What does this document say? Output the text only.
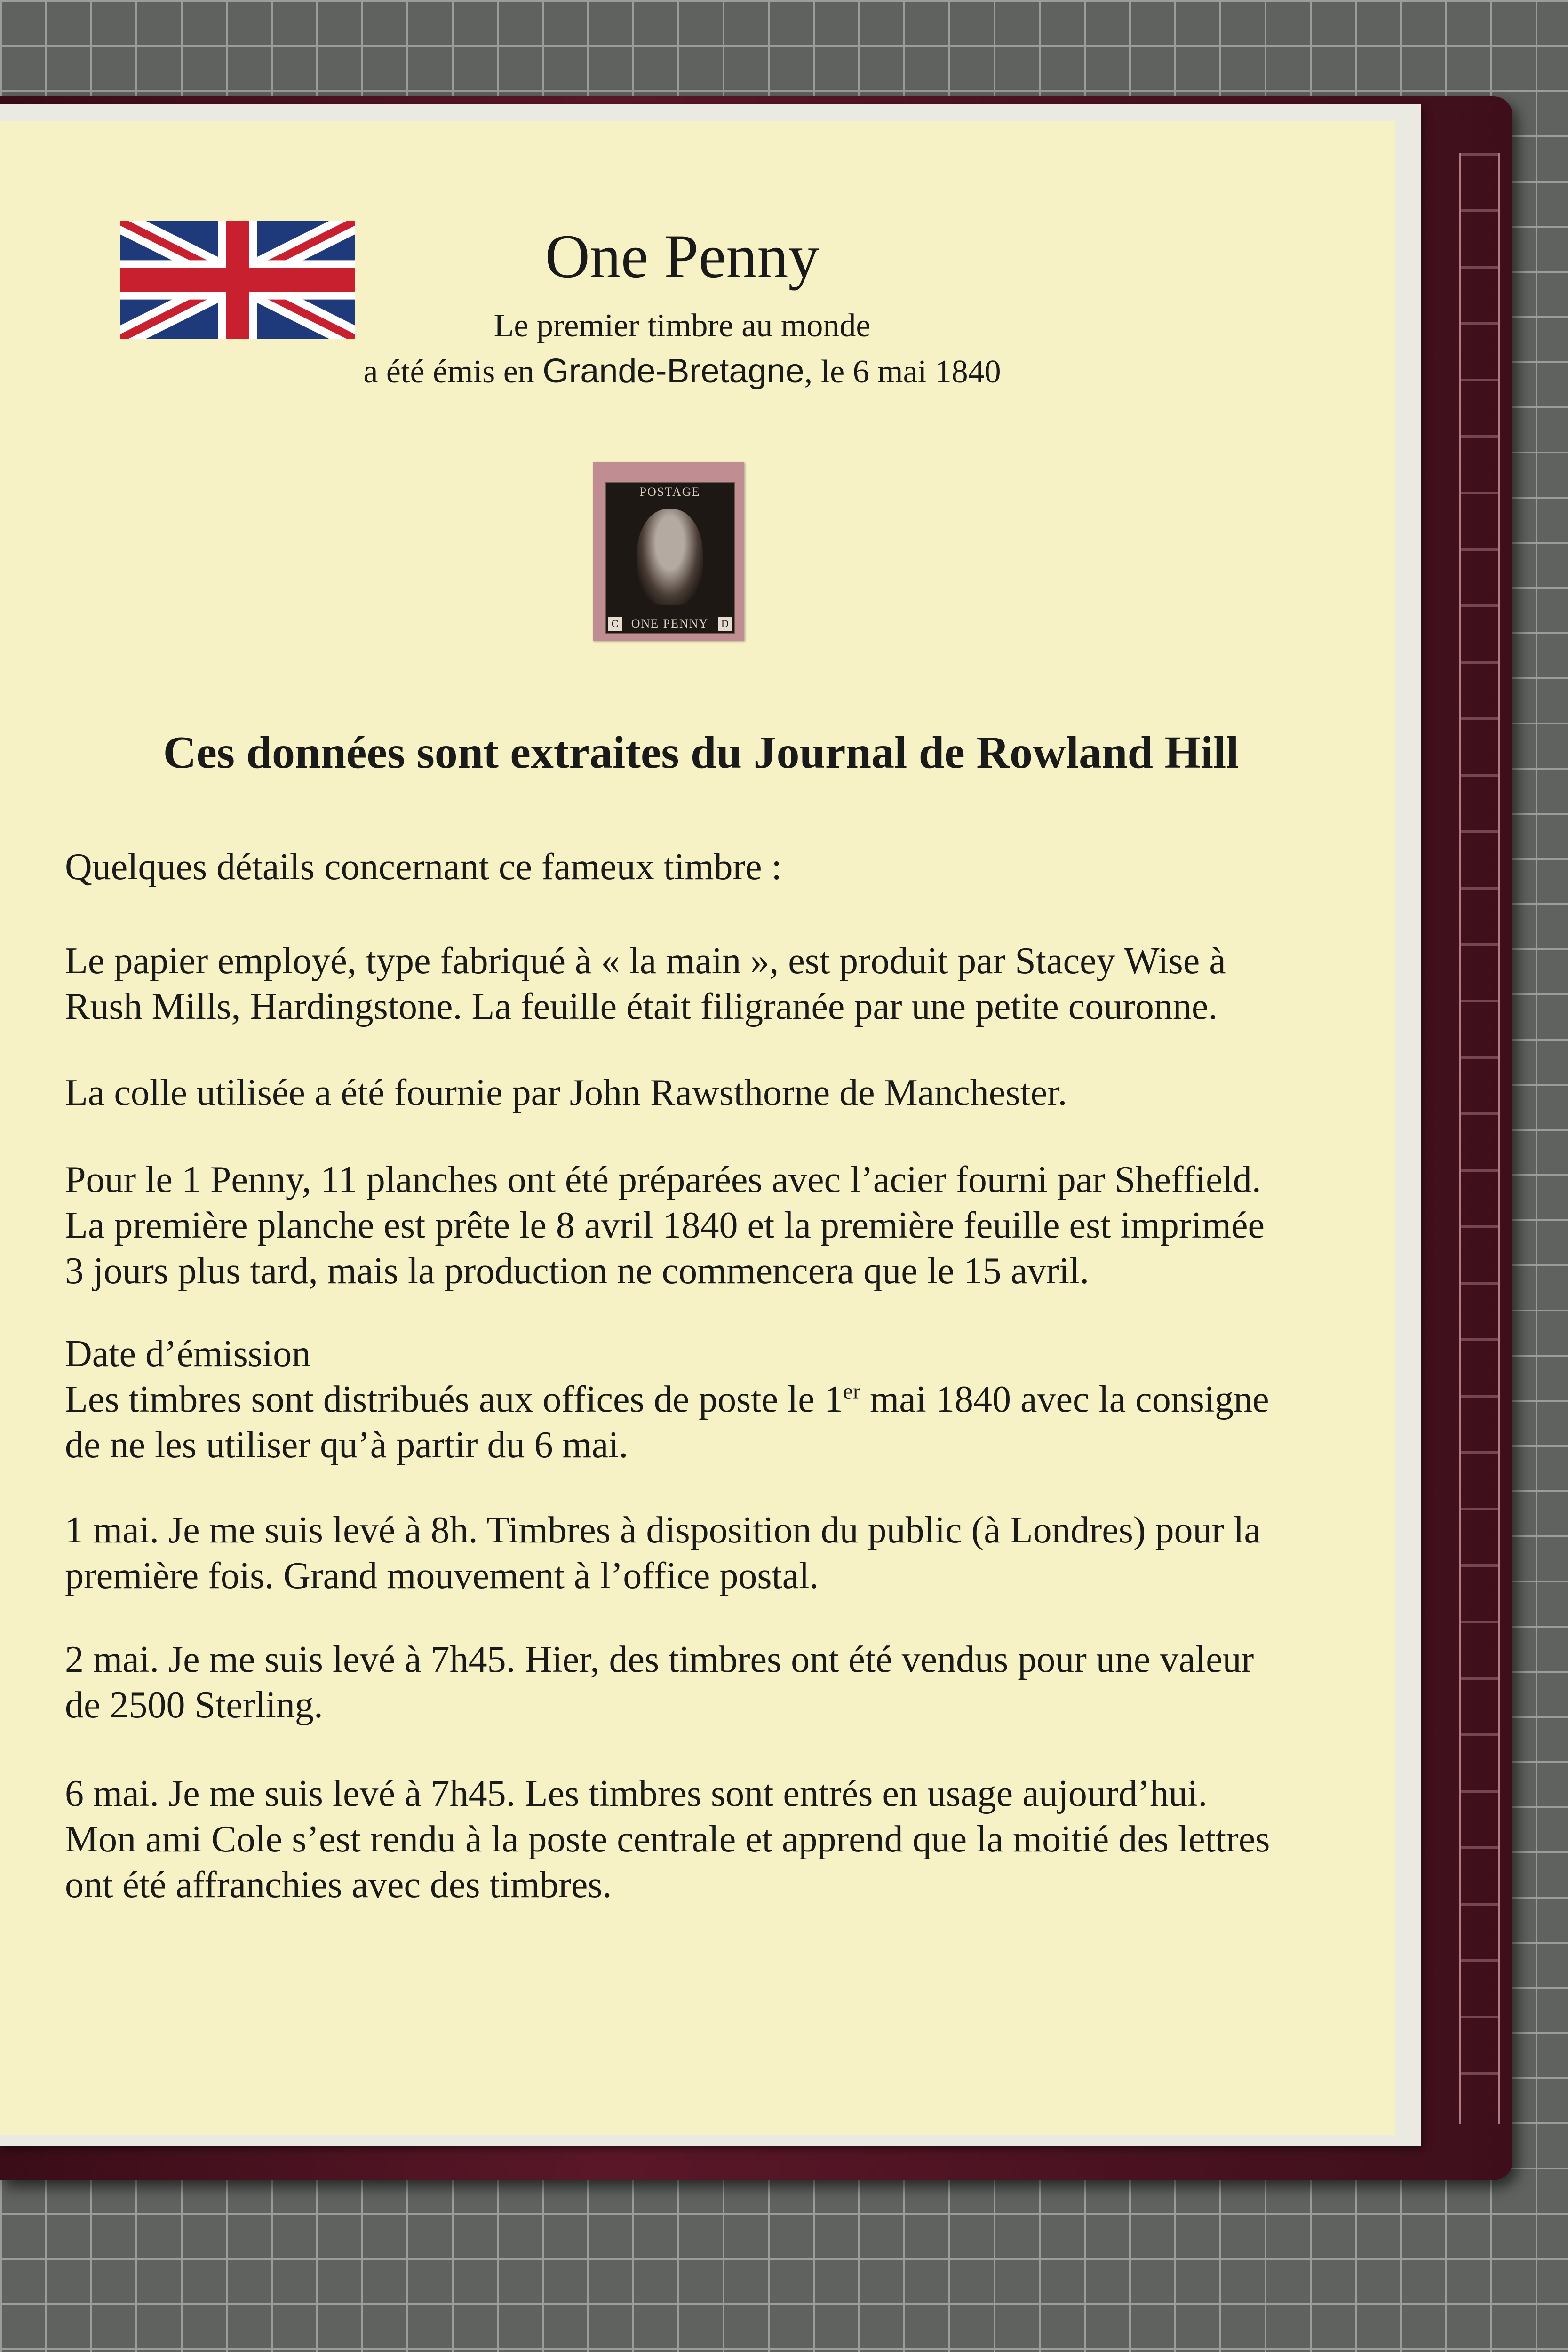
One Penny
Le premier timbre au monde
a été émis en Grande-Bretagne, le 6 mai 1840
POSTAGE
C	ONE PENNY	D
Ces données sont extraites du Journal de Rowland Hill

Quelques détails concernant ce fameux timbre :

Le papier employé, type fabriqué à « la main », est produit par Stacey Wise à
Rush Mills, Hardingstone. La feuille était filigranée par une petite couronne.

La colle utilisée a été fournie par John Rawsthorne de Manchester.

Pour le 1 Penny, 11 planches ont été préparées avec l’acier fourni par Sheffield.
La première planche est prête le 8 avril 1840 et la première feuille est imprimée
3 jours plus tard, mais la production ne commencera que le 15 avril.

Date d’émission
Les timbres sont distribués aux offices de poste le 1er mai 1840 avec la consigne
de ne les utiliser qu’à partir du 6 mai.

1 mai. Je me suis levé à 8h. Timbres à disposition du public (à Londres) pour la
première fois. Grand mouvement à l’office postal.

2 mai. Je me suis levé à 7h45. Hier, des timbres ont été vendus pour une valeur
de 2500 Sterling.

6 mai. Je me suis levé à 7h45. Les timbres sont entrés en usage aujourd’hui.
Mon ami Cole s’est rendu à la poste centrale et apprend que la moitié des lettres
ont été affranchies avec des timbres.
